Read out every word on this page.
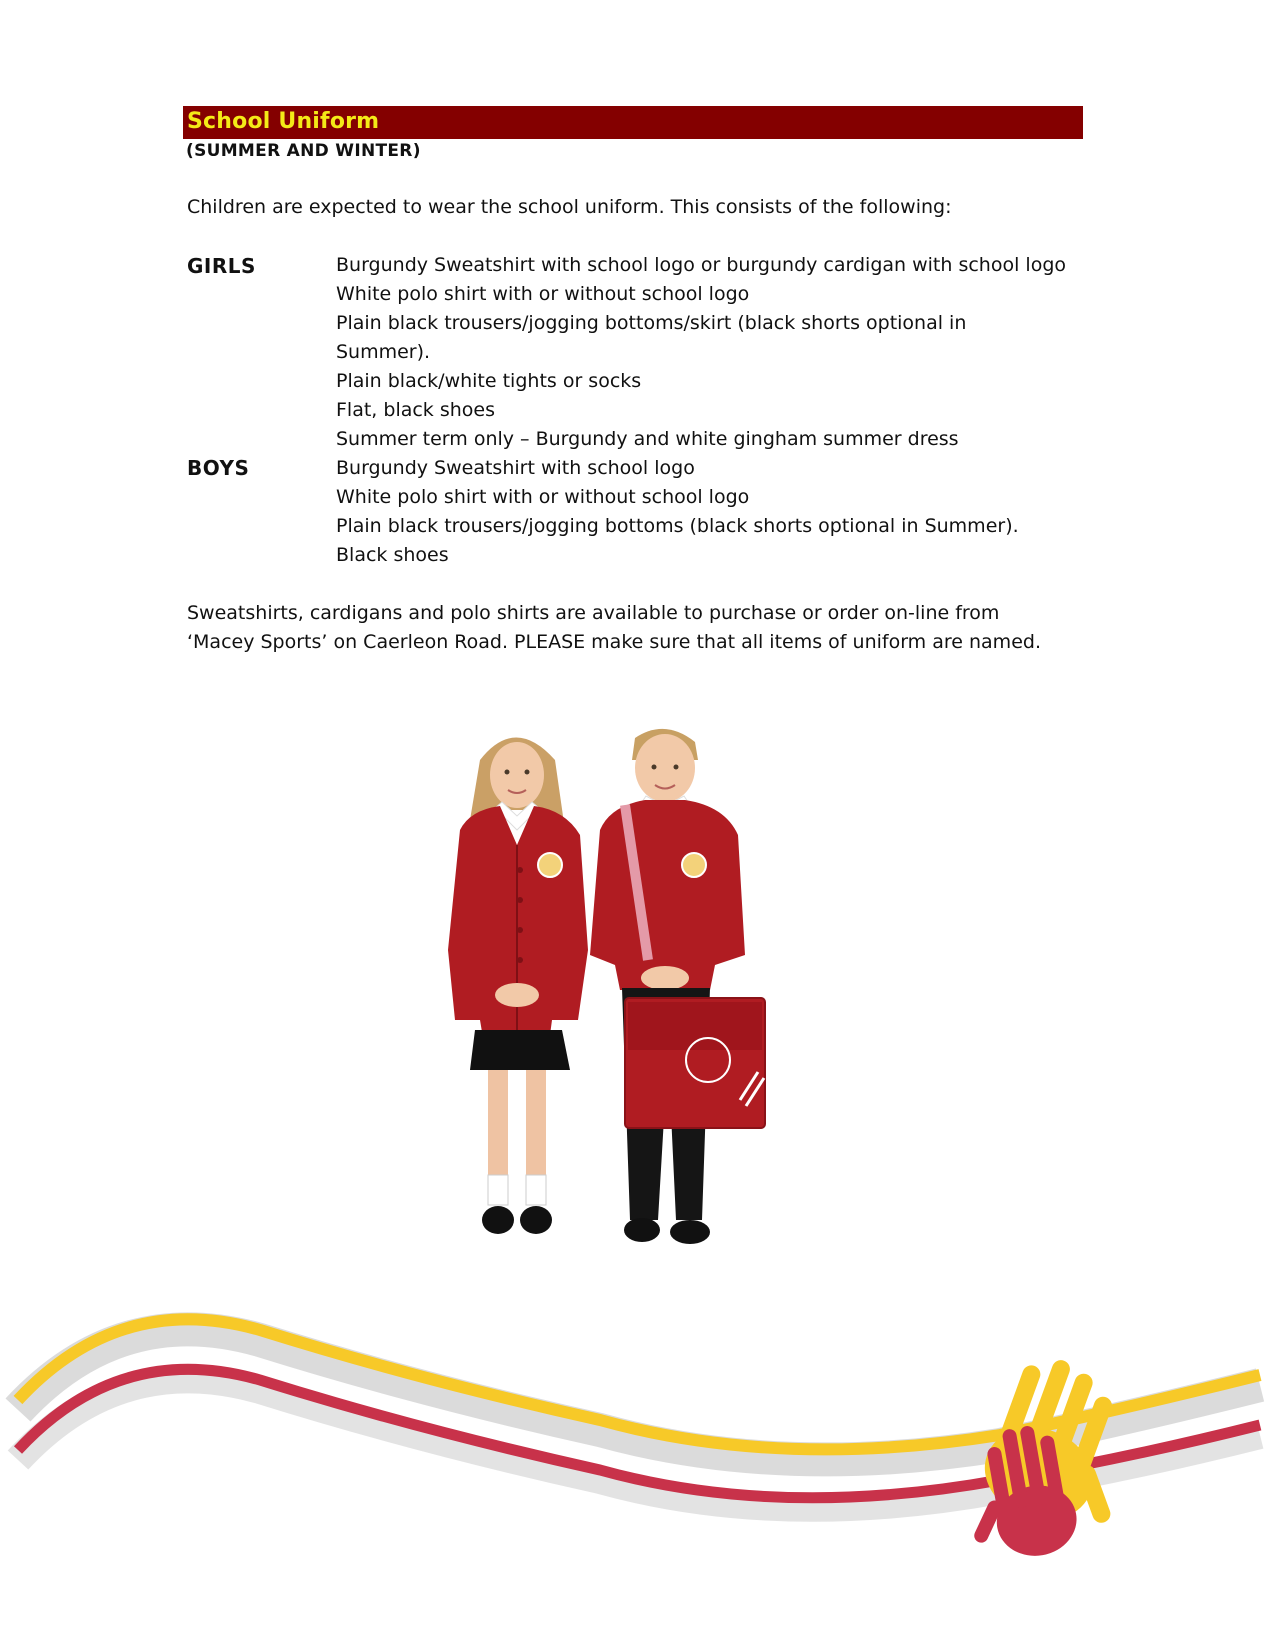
School Uniform
(SUMMER AND WINTER)
Children are expected to wear the school uniform. This consists of the following:
GIRLS	Burgundy Sweatshirt with school logo or burgundy cardigan with school logo
White polo shirt with or without school logo
Plain black trousers/jogging bottoms/skirt (black shorts optional in
Summer).
Plain black/white tights or socks
Flat, black shoes
Summer term only – Burgundy and white gingham summer dress
BOYS	Burgundy Sweatshirt with school logo
White polo shirt with or without school logo
Plain black trousers/jogging bottoms (black shorts optional in Summer).
Black shoes
Sweatshirts, cardigans and polo shirts are available to purchase or order on-line from
‘Macey Sports’ on Caerleon Road. PLEASE make sure that all items of uniform are named.
